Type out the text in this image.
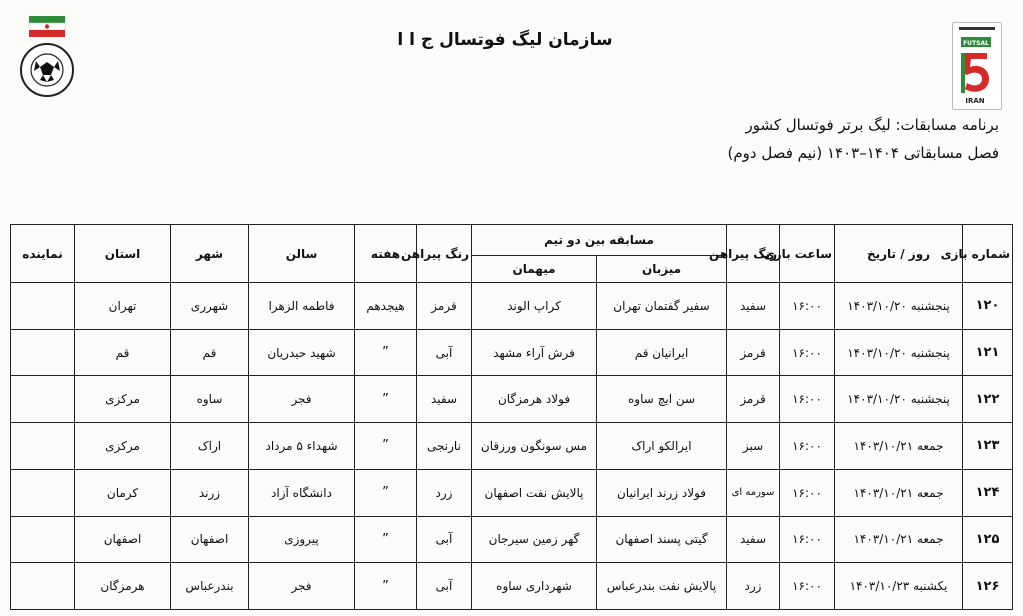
FUTSAL
IRAN
سازمان لیگ فوتسال ج ا ا
برنامه مسابقات: لیگ برتر فوتسال کشور
فصل مسابقاتی ۱۴۰۴–۱۴۰۳ (نیم فصل دوم)
شماره بازی	روز / تاریخ	ساعت بازی	رنگ پیراهن	مسابقه بین دو تیم		رنگ پیراهن	هفته	سالن	شهر	استان	نماینده
				میزبان	میهمان						
۱۲۰	پنجشنبه ۱۴۰۳/۱۰/۲۰	۱۶:۰۰	سفید	سفیر گفتمان تهران	کراپ الوند	قرمز	هیجدهم	فاطمه الزهرا	شهرری	تهران	
۱۲۱	پنجشنبه ۱۴۰۳/۱۰/۲۰	۱۶:۰۰	قرمز	ایرانیان قم	فرش آراء مشهد	آبی	”	شهید حیدریان	قم	قم	
۱۲۲	پنجشنبه ۱۴۰۳/۱۰/۲۰	۱۶:۰۰	قرمز	سن ایچ ساوه	فولاد هرمزگان	سفید	”	فجر	ساوه	مرکزی	
۱۲۳	جمعه ۱۴۰۳/۱۰/۲۱	۱۶:۰۰	سبز	ایرالکو اراک	مس سونگون ورزقان	نارنجی	”	شهداء ۵ مرداد	اراک	مرکزی	
۱۲۴	جمعه ۱۴۰۳/۱۰/۲۱	۱۶:۰۰	سورمه ای	فولاد زرند ایرانیان	پالایش نفت اصفهان	زرد	”	دانشگاه آزاد	زرند	کرمان	
۱۲۵	جمعه ۱۴۰۳/۱۰/۲۱	۱۶:۰۰	سفید	گیتی پسند اصفهان	گهر زمین سیرجان	آبی	”	پیروزی	اصفهان	اصفهان	
۱۲۶	یکشنبه ۱۴۰۳/۱۰/۲۳	۱۶:۰۰	زرد	پالایش نفت بندرعباس	شهرداری ساوه	آبی	”	فجر	بندرعباس	هرمزگان	
